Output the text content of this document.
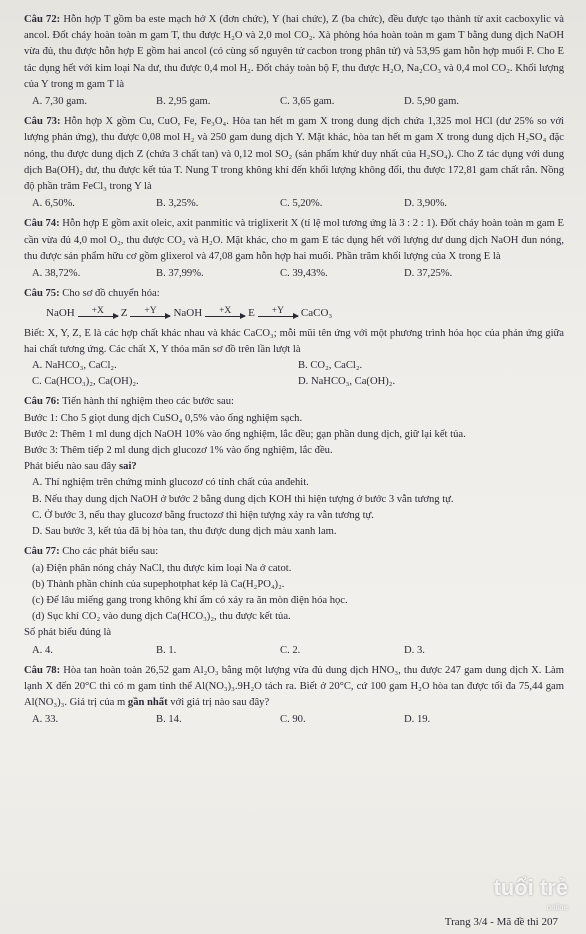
Câu 72: Hỗn hợp T gồm ba este mạch hở X (đơn chức), Y (hai chức), Z (ba chức), đều được tạo thành từ axit cacboxylic và ancol. Đốt cháy hoàn toàn m gam T, thu được H₂O và 2,0 mol CO₂. Xà phòng hóa hoàn toàn m gam T bằng dung dịch NaOH vừa đủ, thu được hỗn hợp E gồm hai ancol (có cùng số nguyên tử cacbon trong phân tử) và 53,95 gam hỗn hợp muối F. Cho E tác dụng hết với kim loại Na dư, thu được 0,4 mol H₂. Đốt cháy toàn bộ F, thu được H₂O, Na₂CO₃ và 0,4 mol CO₂. Khối lượng của Y trong m gam T là

A. 7,30 gam.	B. 2,95 gam.	C. 3,65 gam.	D. 5,90 gam.

Câu 73: Hỗn hợp X gồm Cu, CuO, Fe, Fe₃O₄. Hòa tan hết m gam X trong dung dịch chứa 1,325 mol HCl (dư 25% so với lượng phản ứng), thu được 0,08 mol H₂ và 250 gam dung dịch Y. Mặt khác, hòa tan hết m gam X trong dung dịch H₂SO₄ đặc nóng, thu được dung dịch Z (chứa 3 chất tan) và 0,12 mol SO₂ (sản phẩm khử duy nhất của H₂SO₄). Cho Z tác dụng với dung dịch Ba(OH)₂ dư, thu được kết tủa T. Nung T trong không khí đến khối lượng không đổi, thu được 172,81 gam chất rắn. Nồng độ phần trăm FeCl₃ trong Y là

A. 6,50%.	B. 3,25%.	C. 5,20%.	D. 3,90%.

Câu 74: Hỗn hợp E gồm axit oleic, axit panmitic và triglixerit X (tỉ lệ mol tương ứng là 3 : 2 : 1). Đốt cháy hoàn toàn m gam E cần vừa đủ 4,0 mol O₂, thu được CO₂ và H₂O. Mặt khác, cho m gam E tác dụng hết với lượng dư dung dịch NaOH đun nóng, thu được sản phẩm hữu cơ gồm glixerol và 47,08 gam hỗn hợp hai muối. Phần trăm khối lượng của X trong E là

A. 38,72%.	B. 37,99%.	C. 39,43%.	D. 37,25%.

Câu 75: Cho sơ đồ chuyển hóa:

NaOH +X Z +Y NaOH +X E +Y CaCO₃

Biết: X, Y, Z, E là các hợp chất khác nhau và khác CaCO₃; mỗi mũi tên ứng với một phương trình hóa học của phản ứng giữa hai chất tương ứng. Các chất X, Y thỏa mãn sơ đồ trên lần lượt là

A. NaHCO₃, CaCl₂.	B. CO₂, CaCl₂.
C. Ca(HCO₃)₂, Ca(OH)₂.	D. NaHCO₃, Ca(OH)₂.

Câu 76: Tiến hành thí nghiệm theo các bước sau:

Bước 1: Cho 5 giọt dung dịch CuSO₄ 0,5% vào ống nghiệm sạch.

Bước 2: Thêm 1 ml dung dịch NaOH 10% vào ống nghiệm, lắc đều; gạn phần dung dịch, giữ lại kết tủa.

Bước 3: Thêm tiếp 2 ml dung dịch glucozơ 1% vào ống nghiệm, lắc đều.

Phát biểu nào sau đây sai?

A. Thí nghiệm trên chứng minh glucozơ có tính chất của anđehit.
B. Nếu thay dung dịch NaOH ở bước 2 bằng dung dịch KOH thì hiện tượng ở bước 3 vẫn tương tự.
C. Ở bước 3, nếu thay glucozơ bằng fructozơ thì hiện tượng xảy ra vẫn tương tự.
D. Sau bước 3, kết tủa đã bị hòa tan, thu được dung dịch màu xanh lam.

Câu 77: Cho các phát biểu sau:

(a) Điện phân nóng chảy NaCl, thu được kim loại Na ở catot.
(b) Thành phần chính của supephotphat kép là Ca(H₂PO₄)₂.
(c) Để lâu miếng gang trong không khí ẩm có xảy ra ăn mòn điện hóa học.
(d) Sục khí CO₂ vào dung dịch Ca(HCO₃)₂, thu được kết tủa.

Số phát biểu đúng là

A. 4.	B. 1.	C. 2.	D. 3.

Câu 78: Hòa tan hoàn toàn 26,52 gam Al₂O₃ bằng một lượng vừa đủ dung dịch HNO₃, thu được 247 gam dung dịch X. Làm lạnh X đến 20°C thì có m gam tinh thể Al(NO₃)₃.9H₂O tách ra. Biết ở 20°C, cứ 100 gam H₂O hòa tan được tối đa 75,44 gam Al(NO₃)₃. Giá trị của m gần nhất với giá trị nào sau đây?

A. 33.	B. 14.	C. 90.	D. 19.
tuổi trẻ
online
Trang 3/4 - Mã đề thi 207
